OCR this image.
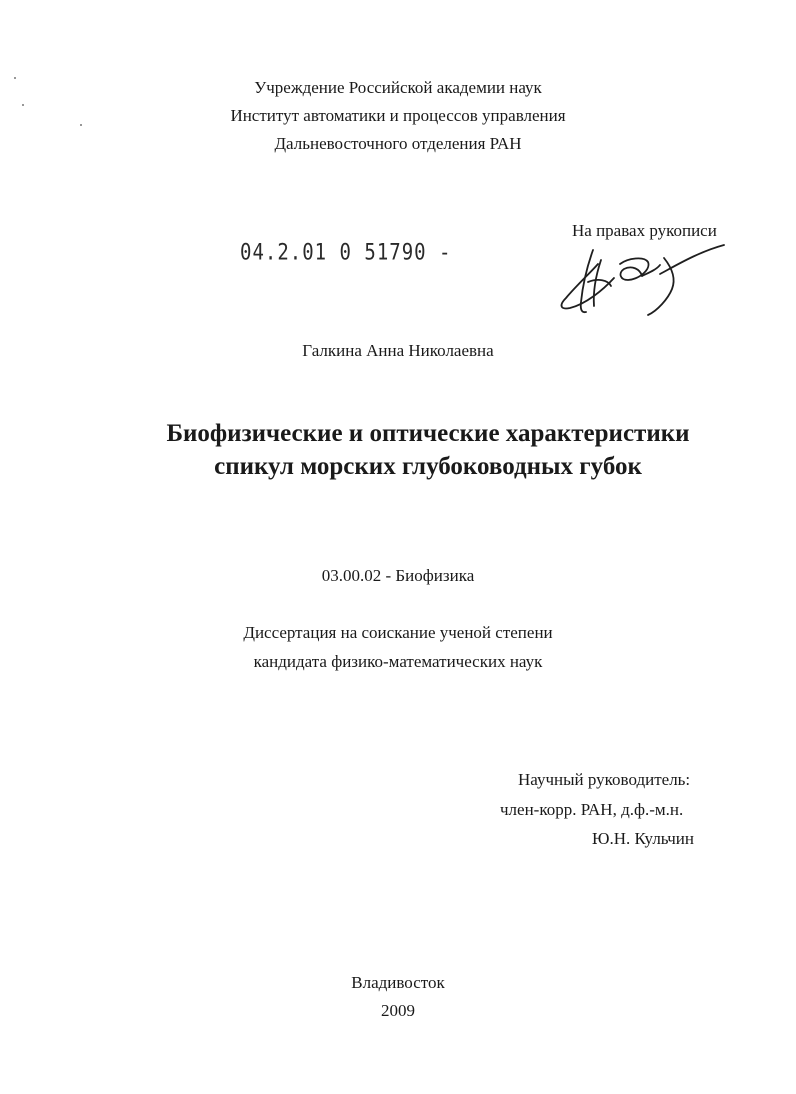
Учреждение Российской академии наук
Институт автоматики и процессов управления
Дальневосточного отделения РАН
На правах рукописи
04.2.01 0 51790 -
Галкина Анна Николаевна
Биофизические и оптические характеристики
спикул морских глубоководных губок
03.00.02 - Биофизика
Диссертация на соискание ученой степени
кандидата физико-математических наук
Научный руководитель:
член-корр. РАН, д.ф.-м.н.
Ю.Н. Кульчин
Владивосток
2009
